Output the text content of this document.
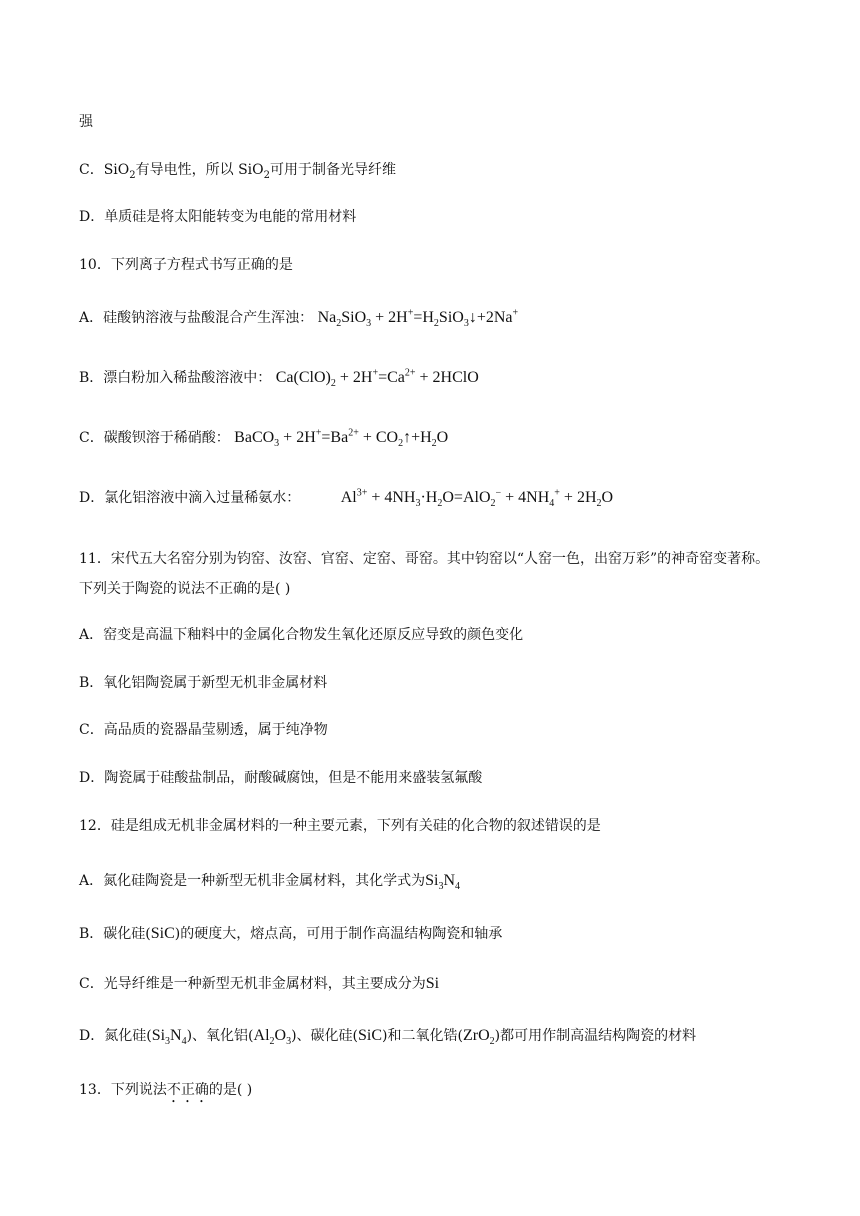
强
C．SiO$_2$有导电性，所以 SiO$_2$可用于制备光导纤维
D．单质硅是将太阳能转变为电能的常用材料
10．下列离子方程式书写正确的是
A．硅酸钠溶液与盐酸混合产生浑浊： $Na_2SiO_3$ + $2H^+=H_2SiO_3↓+2Na^+$
B．漂白粉加入稀盐酸溶液中： $Ca(ClO)_2 + 2H^+=Ca^{2+}$ + 2HClO
C．碳酸钡溶于稀硝酸： BaCO$_3$ + $2H^+=Ba^{2+}$ + $CO_2↑+H_2O$
D．氯化铝溶液中滴入过量稀氨水：	$Al^{3+} + 4NH_3\cdot H_2O=AlO_2^- + 4NH_4^+ + 2H_2O$
11．宋代五大名窑分别为钧窑、汝窑、官窑、定窑、哥窑。其中钧窑以“人窑一色，出窑万彩”的神奇窑变著称。下列关于陶瓷的说法不正确的是( )
A．窑变是高温下釉料中的金属化合物发生氧化还原反应导致的颜色变化
B．氧化铝陶瓷属于新型无机非金属材料
C．高品质的瓷器晶莹剔透，属于纯净物
D．陶瓷属于硅酸盐制品，耐酸碱腐蚀，但是不能用来盛装氢氟酸
12．硅是组成无机非金属材料的一种主要元素，下列有关硅的化合物的叙述错误的是
A．氮化硅陶瓷是一种新型无机非金属材料，其化学式为$Si_3N_4$
B．碳化硅(SiC)的硬度大，熔点高，可用于制作高温结构陶瓷和轴承
C．光导纤维是一种新型无机非金属材料，其主要成分为Si
D．氮化硅$(Si_3N_4)$、氧化铝$(Al_2O_3)$、碳化硅(SiC)和二氧化锆(ZrO$_2$)都可用作制高温结构陶瓷的材料
13．下列说法不正确的是( )
